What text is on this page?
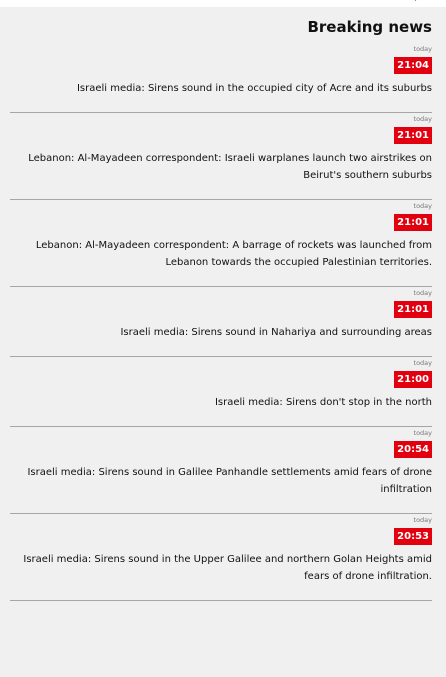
۰
Breaking news
today
21:04

Israeli media: Sirens sound in the occupied city of Acre and its suburbs

today
21:01

Lebanon: Al-Mayadeen correspondent: Israeli warplanes launch two airstrikes on Beirut's southern suburbs

today
21:01

Lebanon: Al-Mayadeen correspondent: A barrage of rockets was launched from Lebanon towards the occupied Palestinian territories.

today
21:01

Israeli media: Sirens sound in Nahariya and surrounding areas

today
21:00

Israeli media: Sirens don't stop in the north

today
20:54

Israeli media: Sirens sound in Galilee Panhandle settlements amid fears of drone infiltration

today
20:53

Israeli media: Sirens sound in the Upper Galilee and northern Golan Heights amid fears of drone infiltration.
